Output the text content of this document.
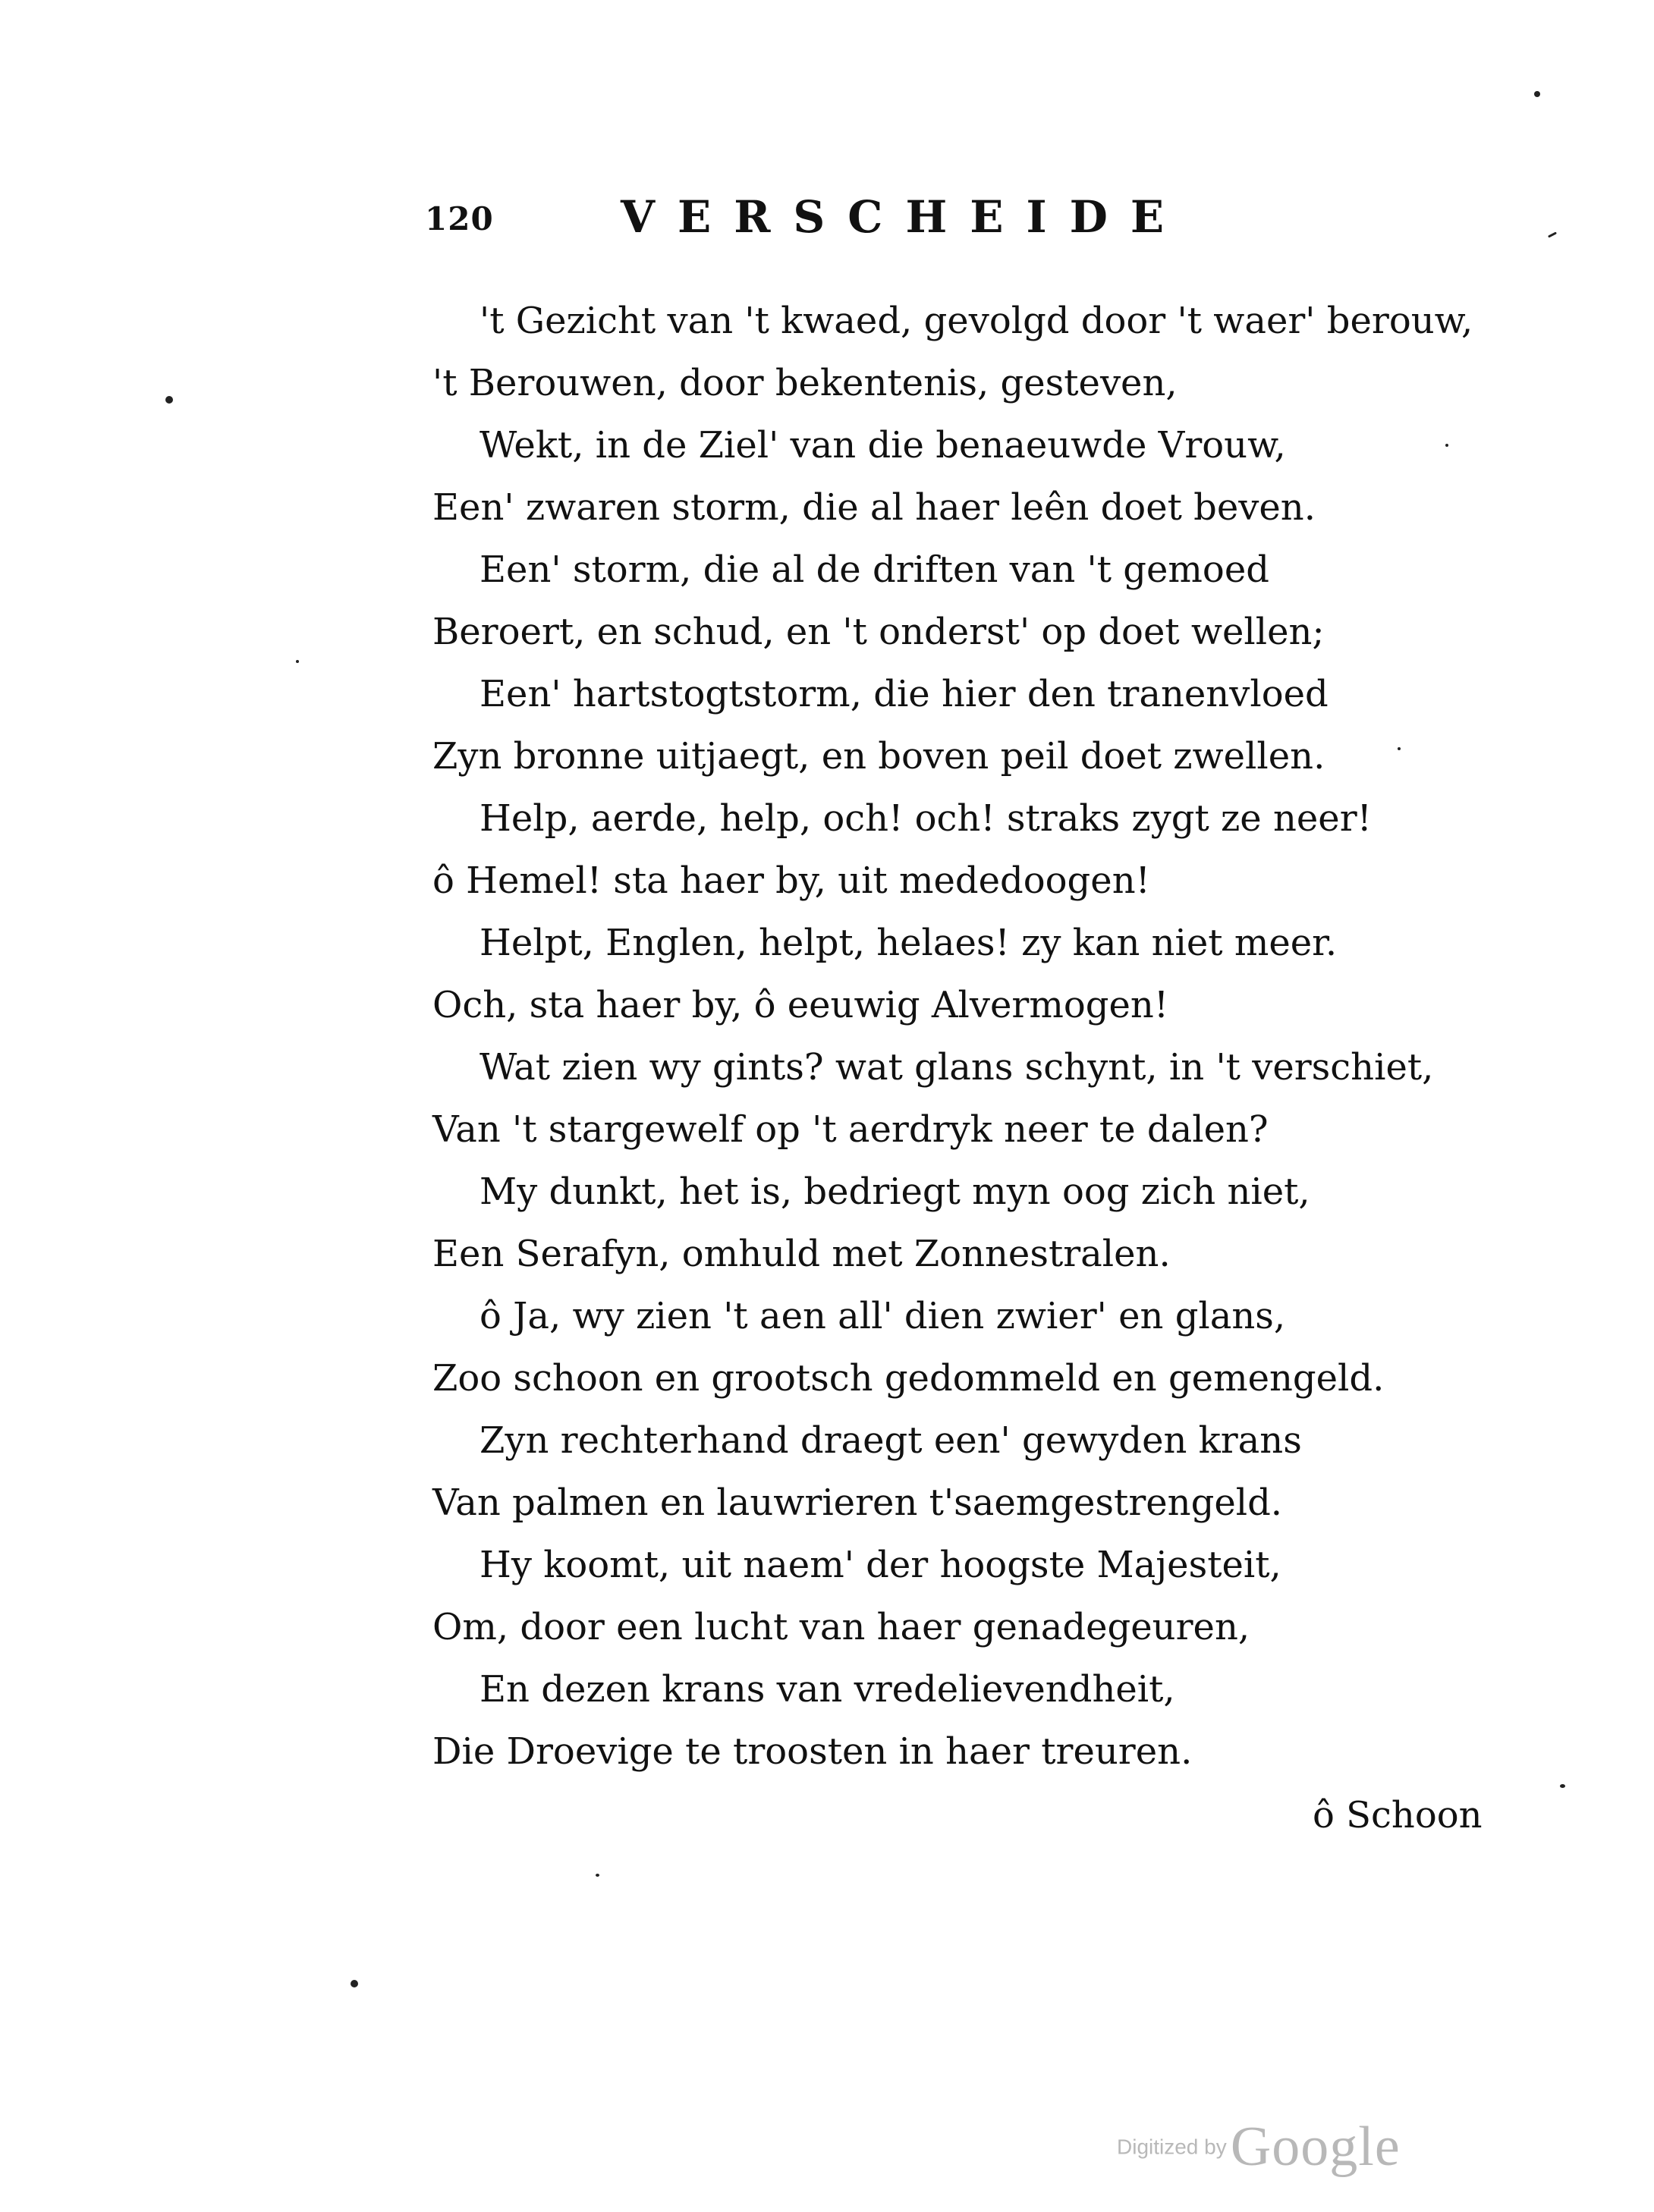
120	VERSCHEIDE
't Gezicht van 't kwaed, gevolgd door 't waer' berouw,
't Berouwen, door bekentenis, gesteven,
Wekt, in de Ziel' van die benaeuwde Vrouw,
Een' zwaren storm, die al haer leên doet beven.
Een' storm, die al de driften van 't gemoed
Beroert, en schud, en 't onderst' op doet wellen;
Een' hartstogtstorm, die hier den tranenvloed
Zyn bronne uitjaegt, en boven peil doet zwellen.
Help, aerde, help, och! och! straks zygt ze neer!
ô Hemel! sta haer by, uit mededoogen!
Helpt, Englen, helpt, helaes! zy kan niet meer.
Och, sta haer by, ô eeuwig Alvermogen!
Wat zien wy gints? wat glans schynt, in 't verschiet,
Van 't stargewelf op 't aerdryk neer te dalen?
My dunkt, het is, bedriegt myn oog zich niet,
Een Serafyn, omhuld met Zonnestralen.
ô Ja, wy zien 't aen all' dien zwier' en glans,
Zoo schoon en grootsch gedommeld en gemengeld.
Zyn rechterhand draegt een' gewyden krans
Van palmen en lauwrieren t'saemgestrengeld.
Hy koomt, uit naem' der hoogste Majesteit,
Om, door een lucht van haer genadegeuren,
En dezen krans van vredelievendheit,
Die Droevige te troosten in haer treuren.
ô Schoon
Digitized by Google
